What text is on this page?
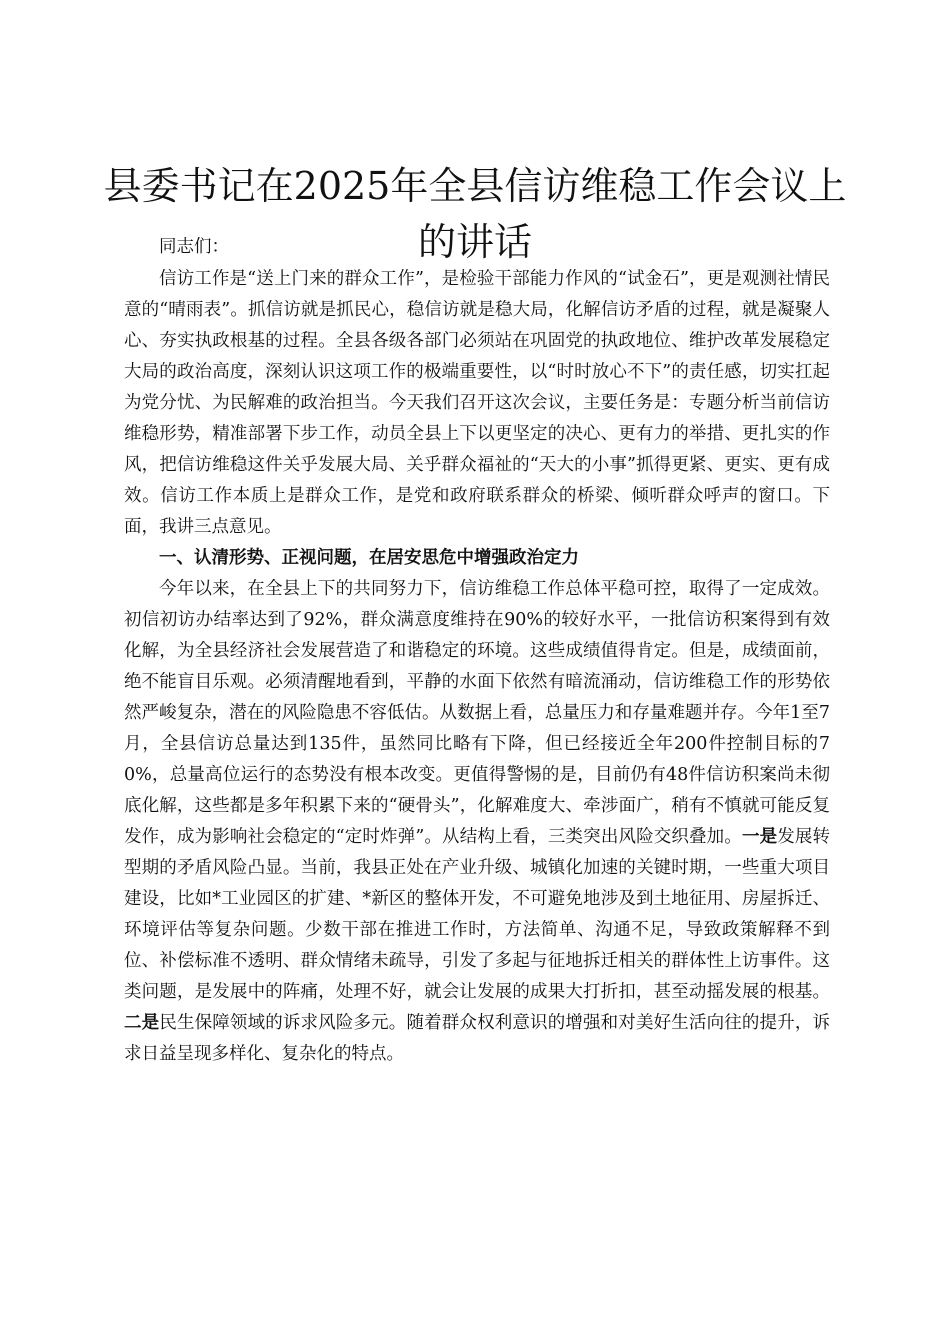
县委书记在2025年全县信访维稳工作会议上的讲话

同志们：

信访工作是“送上门来的群众工作”，是检验干部能力作风的“试金石”，更是观测社情民意的“晴雨表”。抓信访就是抓民心，稳信访就是稳大局，化解信访矛盾的过程，就是凝聚人心、夯实执政根基的过程。全县各级各部门必须站在巩固党的执政地位、维护改革发展稳定大局的政治高度，深刻认识这项工作的极端重要性，以“时时放心不下”的责任感，切实扛起为党分忧、为民解难的政治担当。今天我们召开这次会议，主要任务是：专题分析当前信访维稳形势，精准部署下步工作，动员全县上下以更坚定的决心、更有力的举措、更扎实的作风，把信访维稳这件关乎发展大局、关乎群众福祉的“天大的小事”抓得更紧、更实、更有成效。信访工作本质上是群众工作，是党和政府联系群众的桥梁、倾听群众呼声的窗口。下面，我讲三点意见。

一、认清形势、正视问题，在居安思危中增强政治定力

今年以来，在全县上下的共同努力下，信访维稳工作总体平稳可控，取得了一定成效。初信初访办结率达到了92%，群众满意度维持在90%的较好水平，一批信访积案得到有效化解，为全县经济社会发展营造了和谐稳定的环境。这些成绩值得肯定。但是，成绩面前，绝不能盲目乐观。必须清醒地看到，平静的水面下依然有暗流涌动，信访维稳工作的形势依然严峻复杂，潜在的风险隐患不容低估。从数据上看，总量压力和存量难题并存。今年1至7月，全县信访总量达到135件，虽然同比略有下降，但已经接近全年200件控制目标的70%，总量高位运行的态势没有根本改变。更值得警惕的是，目前仍有48件信访积案尚未彻底化解，这些都是多年积累下来的“硬骨头”，化解难度大、牵涉面广，稍有不慎就可能反复发作，成为影响社会稳定的“定时炸弹”。从结构上看，三类突出风险交织叠加。一是发展转型期的矛盾风险凸显。当前，我县正处在产业升级、城镇化加速的关键时期，一些重大项目建设，比如*工业园区的扩建、*新区的整体开发，不可避免地涉及到土地征用、房屋拆迁、环境评估等复杂问题。少数干部在推进工作时，方法简单、沟通不足，导致政策解释不到位、补偿标准不透明、群众情绪未疏导，引发了多起与征地拆迁相关的群体性上访事件。这类问题，是发展中的阵痛，处理不好，就会让发展的成果大打折扣，甚至动摇发展的根基。二是民生保障领域的诉求风险多元。随着群众权利意识的增强和对美好生活向往的提升，诉求日益呈现多样化、复杂化的特点。
